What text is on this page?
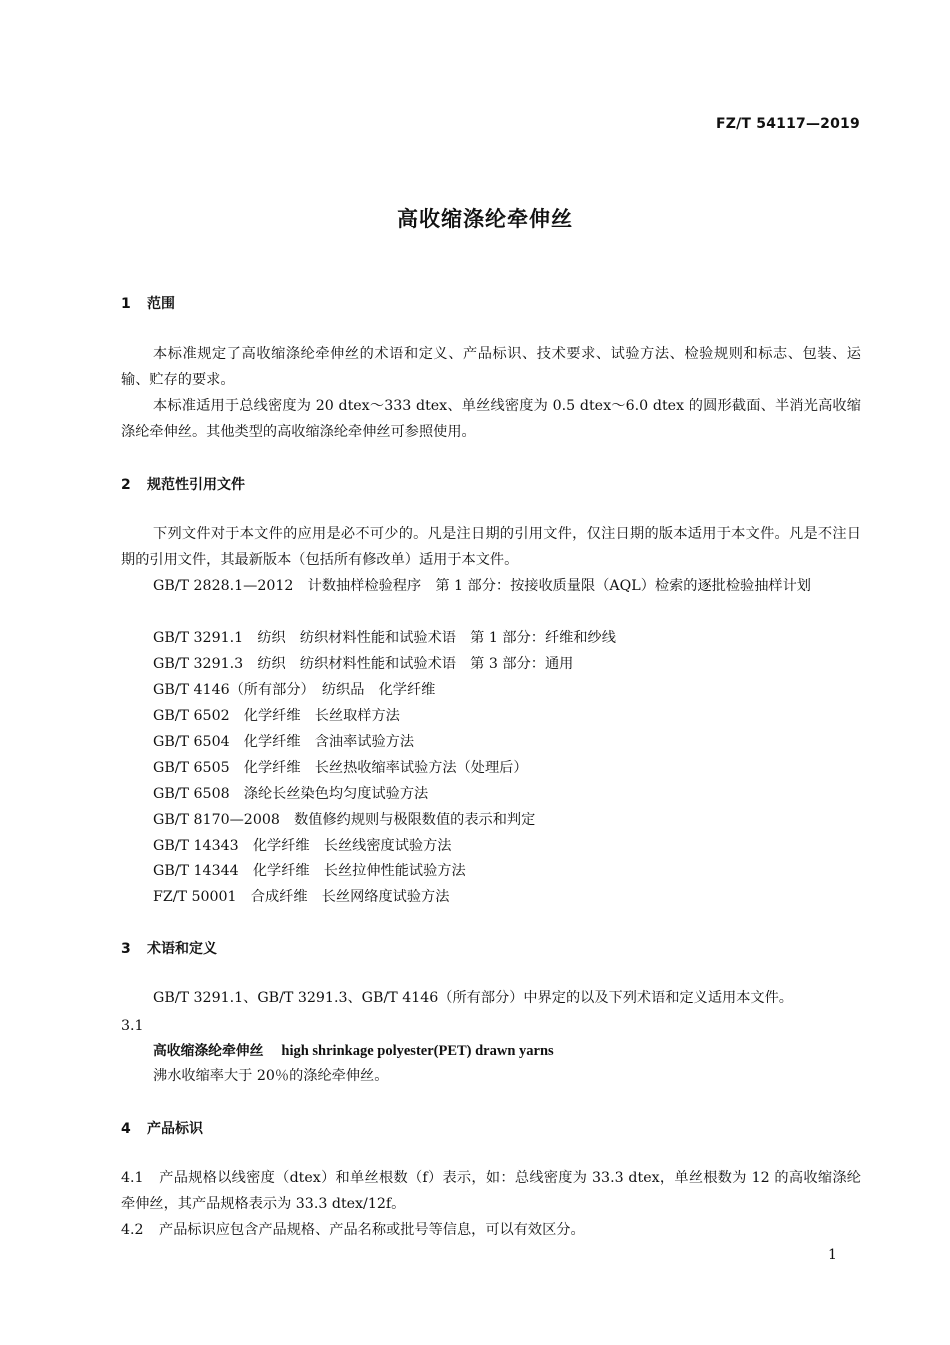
FZ/T 54117—2019
高收缩涤纶牵伸丝
1 范围
本标准规定了高收缩涤纶牵伸丝的术语和定义、产品标识、技术要求、试验方法、检验规则和标志、包装、运输、贮存的要求。
本标准适用于总线密度为 20 dtex～333 dtex、单丝线密度为 0.5 dtex～6.0 dtex 的圆形截面、半消光高收缩涤纶牵伸丝。其他类型的高收缩涤纶牵伸丝可参照使用。
2 规范性引用文件
下列文件对于本文件的应用是必不可少的。凡是注日期的引用文件，仅注日期的版本适用于本文件。凡是不注日期的引用文件，其最新版本（包括所有修改单）适用于本文件。
GB/T 2828.1—2012　计数抽样检验程序　第 1 部分：按接收质量限（AQL）检索的逐批检验抽样计划
GB/T 3291.1　纺织　纺织材料性能和试验术语　第 1 部分：纤维和纱线
GB/T 3291.3　纺织　纺织材料性能和试验术语　第 3 部分：通用
GB/T 4146（所有部分）　纺织品　化学纤维
GB/T 6502　化学纤维　长丝取样方法
GB/T 6504　化学纤维　含油率试验方法
GB/T 6505　化学纤维　长丝热收缩率试验方法（处理后）
GB/T 6508　涤纶长丝染色均匀度试验方法
GB/T 8170—2008　数值修约规则与极限数值的表示和判定
GB/T 14343　化学纤维　长丝线密度试验方法
GB/T 14344　化学纤维　长丝拉伸性能试验方法
FZ/T 50001　合成纤维　长丝网络度试验方法
3 术语和定义
GB/T 3291.1、GB/T 3291.3、GB/T 4146（所有部分）中界定的以及下列术语和定义适用本文件。
3.1
高收缩涤纶牵伸丝 high shrinkage polyester(PET) drawn yarns
沸水收缩率大于 20％的涤纶牵伸丝。
4 产品标识
4.1 产品规格以线密度（dtex）和单丝根数（f）表示，如：总线密度为 33.3 dtex，单丝根数为 12 的高收缩涤纶牵伸丝，其产品规格表示为 33.3 dtex/12f。
4.2 产品标识应包含产品规格、产品名称或批号等信息，可以有效区分。
1
